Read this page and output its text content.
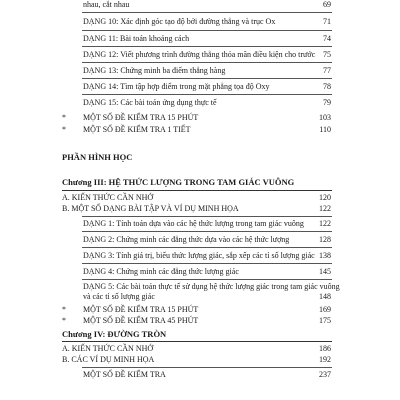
nhau, cắt nhau	69
DẠNG 10: Xác định góc tạo độ bởi đường thẳng và trục Ox	71
DẠNG 11: Bài toán khoảng cách	74
DẠNG 12: Viết phương trình đường thẳng thỏa mãn điều kiện cho trước 75
DẠNG 13: Chứng minh ba điểm thẳng hàng	77
DẠNG 14: Tìm tập hợp điểm trong mặt phẳng tọa độ Oxy	78
DẠNG 15: Các bài toán ứng dụng thực tế	79
* MỘT SỐ ĐỀ KIỂM TRA 15 PHÚT	103
* MỘT SỐ ĐỀ KIỂM TRA 1 TIẾT	110
PHẦN HÌNH HỌC
Chương III: HỆ THỨC LƯỢNG TRONG TAM GIÁC VUÔNG
A. KIẾN THỨC CẦN NHỚ	120
B. MỘT SỐ DẠNG BÀI TẬP VÀ VÍ DỤ MINH HỌA	122
DẠNG 1: Tính toán dựa vào các hệ thức lượng trong tam giác vuông 122
DẠNG 2: Chứng minh các đẳng thức dựa vào các hệ thức lượng	128
DẠNG 3: Tính giá trị, biểu thức lượng giác, sắp xếp các tỉ số lượng giác 138
DẠNG 4: Chứng minh các đẳng thức lượng giác	145
DẠNG 5: Các bài toán thực tế sử dụng hệ thức lượng giác trong tam giác vuông
và các tỉ số lượng giác	148
* MỘT SỐ ĐỀ KIỂM TRA 15 PHÚT	169
* MỘT SỐ ĐỀ KIỂM TRA 45 PHÚT	175
Chương IV: ĐƯỜNG TRÒN
A. KIẾN THỨC CẦN NHỚ	186
B. CÁC VÍ DỤ MINH HỌA	192
MỘT SỐ ĐỀ KIỂM TRA	237
